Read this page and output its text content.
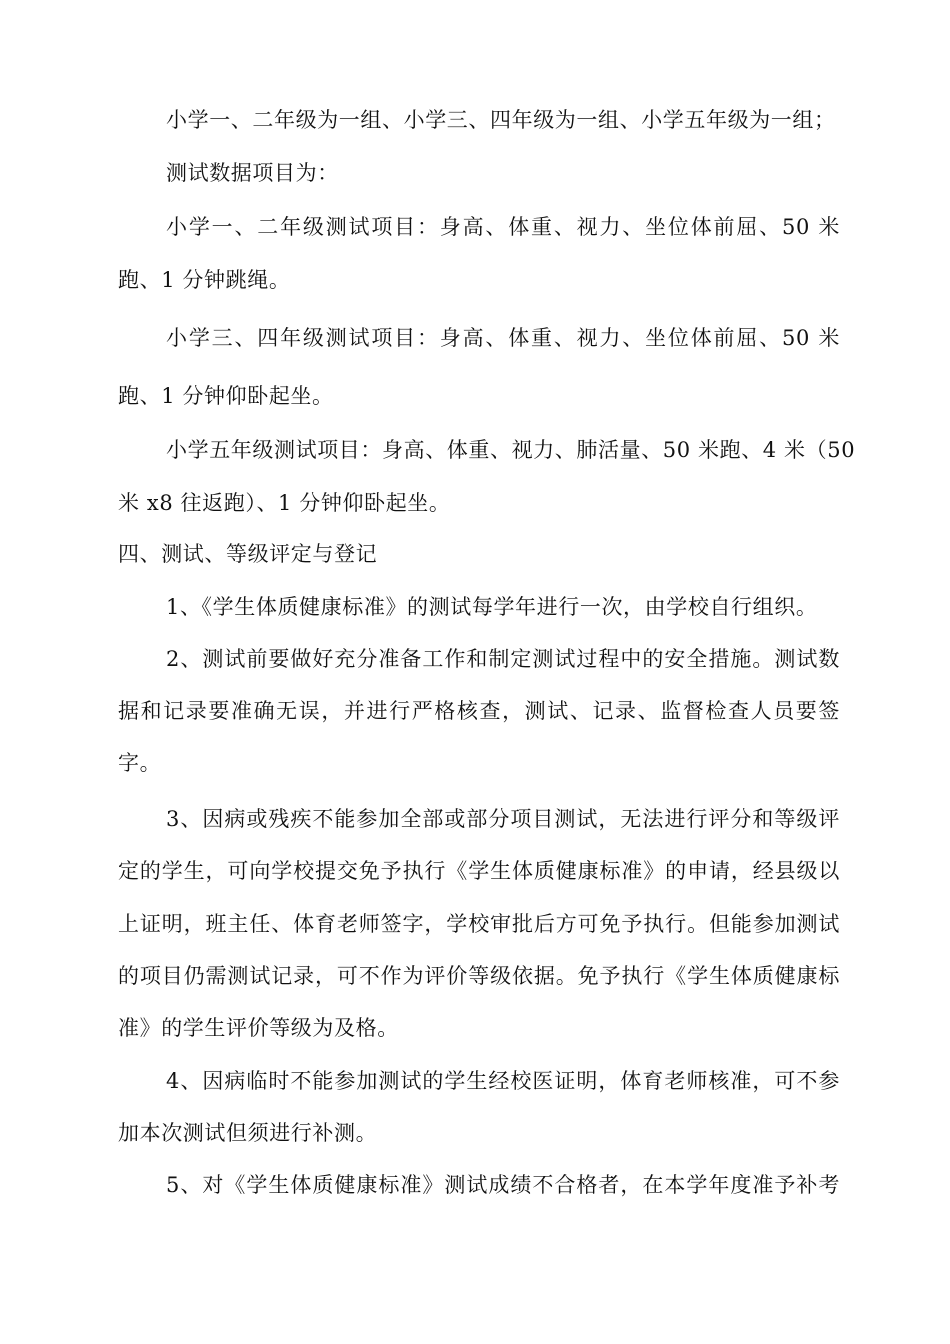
小学一、二年级为一组、小学三、四年级为一组、小学五年级为一组；
测试数据项目为：
小学一、二年级测试项目：身高、体重、视力、坐位体前屈、50 米
跑、1 分钟跳绳。
小学三、四年级测试项目：身高、体重、视力、坐位体前屈、50 米
跑、1 分钟仰卧起坐。
小学五年级测试项目：身高、体重、视力、肺活量、50 米跑、4 米（50
米 x8 往返跑）、1 分钟仰卧起坐。
四、测试、等级评定与登记
1、《学生体质健康标准》的测试每学年进行一次，由学校自行组织。
2、测试前要做好充分准备工作和制定测试过程中的安全措施。测试数
据和记录要准确无误，并进行严格核查，测试、记录、监督检查人员要签
字。
3、因病或残疾不能参加全部或部分项目测试，无法进行评分和等级评
定的学生，可向学校提交免予执行《学生体质健康标准》的申请，经县级以
上证明，班主任、体育老师签字，学校审批后方可免予执行。但能参加测试
的项目仍需测试记录，可不作为评价等级依据。免予执行《学生体质健康标
准》的学生评价等级为及格。
4、因病临时不能参加测试的学生经校医证明，体育老师核准，可不参
加本次测试但须进行补测。
5、对《学生体质健康标准》测试成绩不合格者，在本学年度准予补考
